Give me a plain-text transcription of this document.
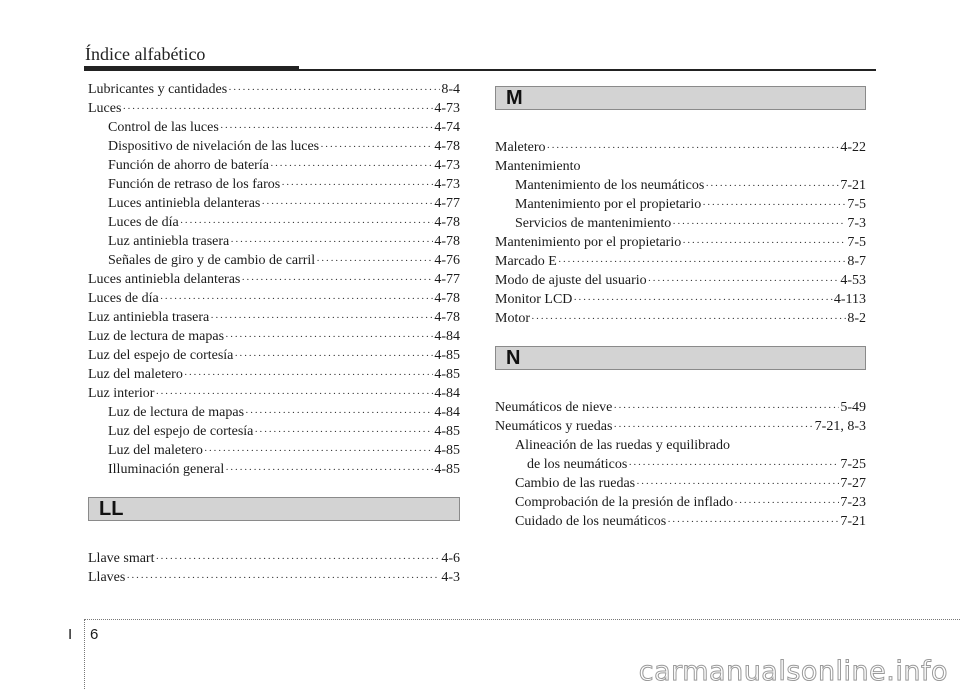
Índice alfabético
Lubricantes y cantidades ·····	8-4
Luces ·····	4-73
Control de las luces ·····	4-74
Dispositivo de nivelación de las luces ·····	4-78
Función de ahorro de batería ·····	4-73
Función de retraso de los faros ·····	4-73
Luces antiniebla delanteras ·····	4-77
Luces de día ·····	4-78
Luz antiniebla trasera ·····	4-78
Señales de giro y de cambio de carril ·····	4-76
Luces antiniebla delanteras ·····	4-77
Luces de día ·····	4-78
Luz antiniebla trasera ·····	4-78
Luz de lectura de mapas ·····	4-84
Luz del espejo de cortesía ·····	4-85
Luz del maletero ·····	4-85
Luz interior ·····	4-84
Luz de lectura de mapas ·····	4-84
Luz del espejo de cortesía ·····	4-85
Luz del maletero ·····	4-85
Illuminación general ·····	4-85
LL
Llave smart ·····	4-6
Llaves ·····	4-3
M
Maletero ·····	4-22
Mantenimiento
Mantenimiento de los neumáticos ·····	7-21
Mantenimiento por el propietario ·····	7-5
Servicios de mantenimiento ·····	7-3
Mantenimiento por el propietario ·····	7-5
Marcado E ·····	8-7
Modo de ajuste del usuario ·····	4-53
Monitor LCD ·····	4-113
Motor ·····	8-2
N
Neumáticos de nieve ·····	5-49
Neumáticos y ruedas ·····	7-21, 8-3
Alineación de las ruedas y equilibrado
de los neumáticos ·····	7-25
Cambio de las ruedas ·····	7-27
Comprobación de la presión de inflado ·····	7-23
Cuidado de los neumáticos ·····	7-21
I 6
carmanualsonline.info
